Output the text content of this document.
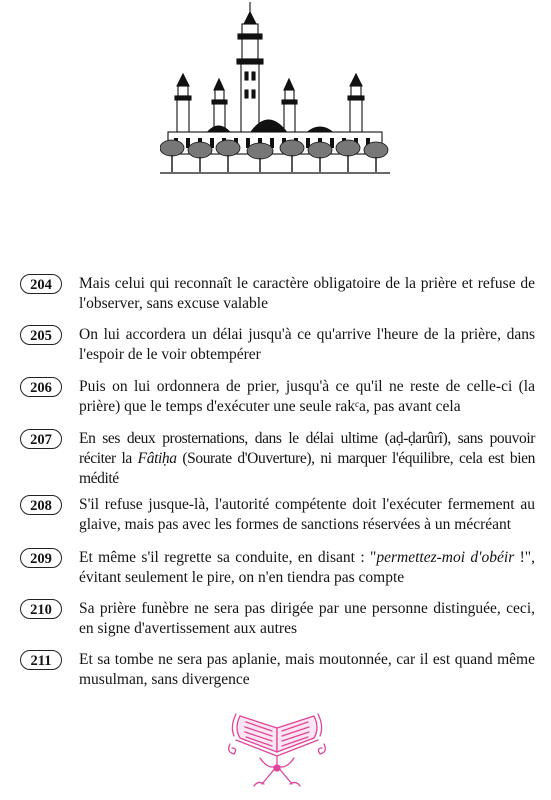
204	Mais celui qui reconnaît le caractère obligatoire de la prière et refuse de l'observer, sans excuse valable
205	On lui accordera un délai jusqu'à ce qu'arrive l'heure de la prière, dans l'espoir de le voir obtempérer
206	Puis on lui ordonnera de prier, jusqu'à ce qu'il ne reste de celle-ci (la prière) que le temps d'exécuter une seule rakᶜa, pas avant cela
207	En ses deux prosternations, dans le délai ultime (aḍ-ḍarûrî), sans pouvoir réciter la Fâtiḥa (Sourate d'Ouverture), ni marquer l'équilibre, cela est bien médité
208	S'il refuse jusque-là, l'autorité compétente doit l'exécuter fermement au glaive, mais pas avec les formes de sanctions réservées à un mécréant
209	Et même s'il regrette sa conduite, en disant : "permettez-moi d'obéir !", évitant seulement le pire, on n'en tiendra pas compte
210	Sa prière funèbre ne sera pas dirigée par une personne distinguée, ceci, en signe d'avertissement aux autres
211	Et sa tombe ne sera pas aplanie, mais moutonnée, car il est quand même musulman, sans divergence
